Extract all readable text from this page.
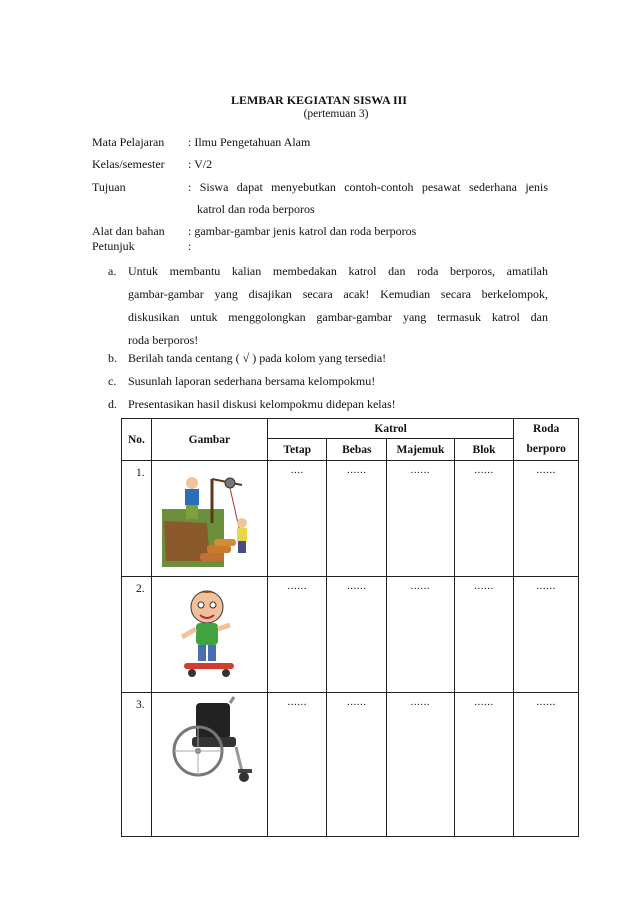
LEMBAR KEGIATAN SISWA III
(pertemuan 3)
Mata Pelajaran : Ilmu Pengetahuan Alam
Kelas/semester : V/2
Tujuan	: Siswa dapat menyebutkan contoh-contoh pesawat sederhana jenis
katrol dan roda berporos
Alat dan bahan : gambar-gambar jenis katrol dan roda berporos
Petunjuk	:
a. Untuk membantu kalian membedakan katrol dan roda berporos, amatilah
gambar-gambar yang disajikan secara acak! Kemudian secara berkelompok,
diskusikan untuk menggolongkan gambar-gambar yang termasuk katrol dan
roda berporos!
b. Berilah tanda centang ( √ ) pada kolom yang tersedia!
c. Susunlah laporan sederhana bersama kelompokmu!
d. Presentasikan hasil diskusi kelompokmu didepan kelas!
No.	Gambar	Katrol				Roda
		Tetap	Bebas	Majemuk	Blok	berporo
1.		....	......	......	......	......
2.		......	......	......	......	......
3.		......	......	......	......	......
